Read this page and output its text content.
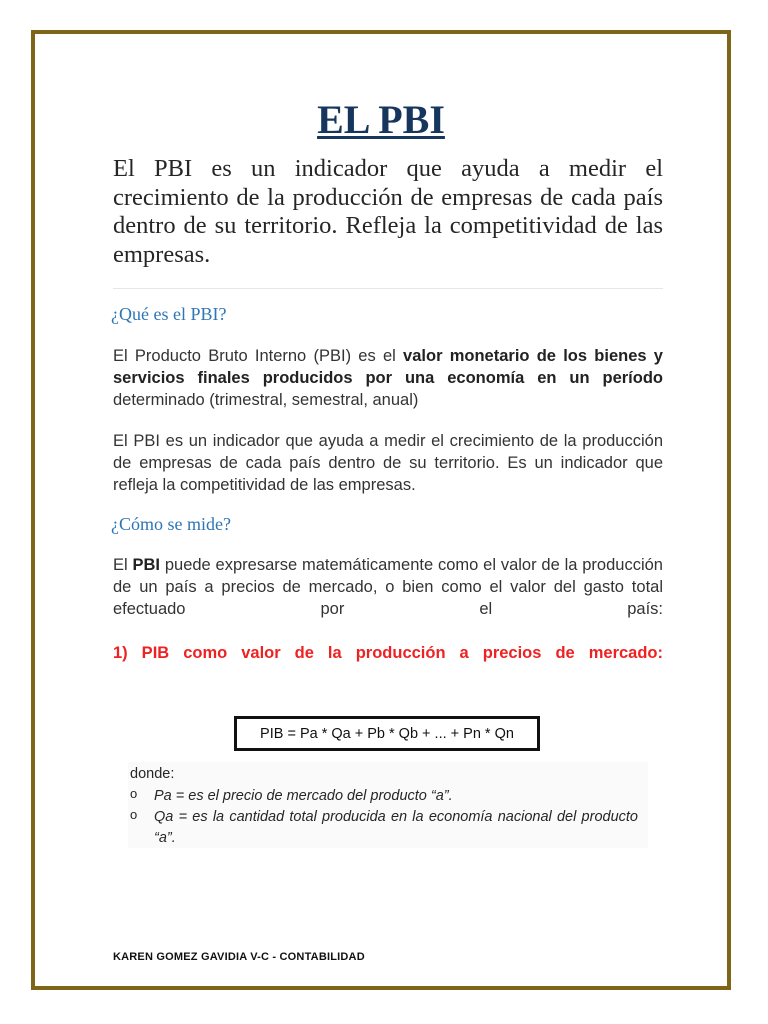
EL PBI

El PBI es un indicador que ayuda a medir el crecimiento de la producción de empresas de cada país dentro de su territorio. Refleja la competitividad de las empresas.

¿Qué es el PBI?

El Producto Bruto Interno (PBI) es el valor monetario de los bienes y servicios finales producidos por una economía en un período determinado (trimestral, semestral, anual)

El PBI es un indicador que ayuda a medir el crecimiento de la producción de empresas de cada país dentro de su territorio. Es un indicador que refleja la competitividad de las empresas.

¿Cómo se mide?

El PBI puede expresarse matemáticamente como el valor de la producción de un país a precios de mercado, o bien como el valor del gasto total efectuado por el país:

1) PIB como valor de la producción a precios de mercado:

PIB = Pa * Qa + Pb * Qb + ... + Pn * Qn
donde:
o Pa = es el precio de mercado del producto “a”.
o Qa = es la cantidad total producida en la economía nacional del producto “a”.

KAREN GOMEZ GAVIDIA V-C - CONTABILIDAD
